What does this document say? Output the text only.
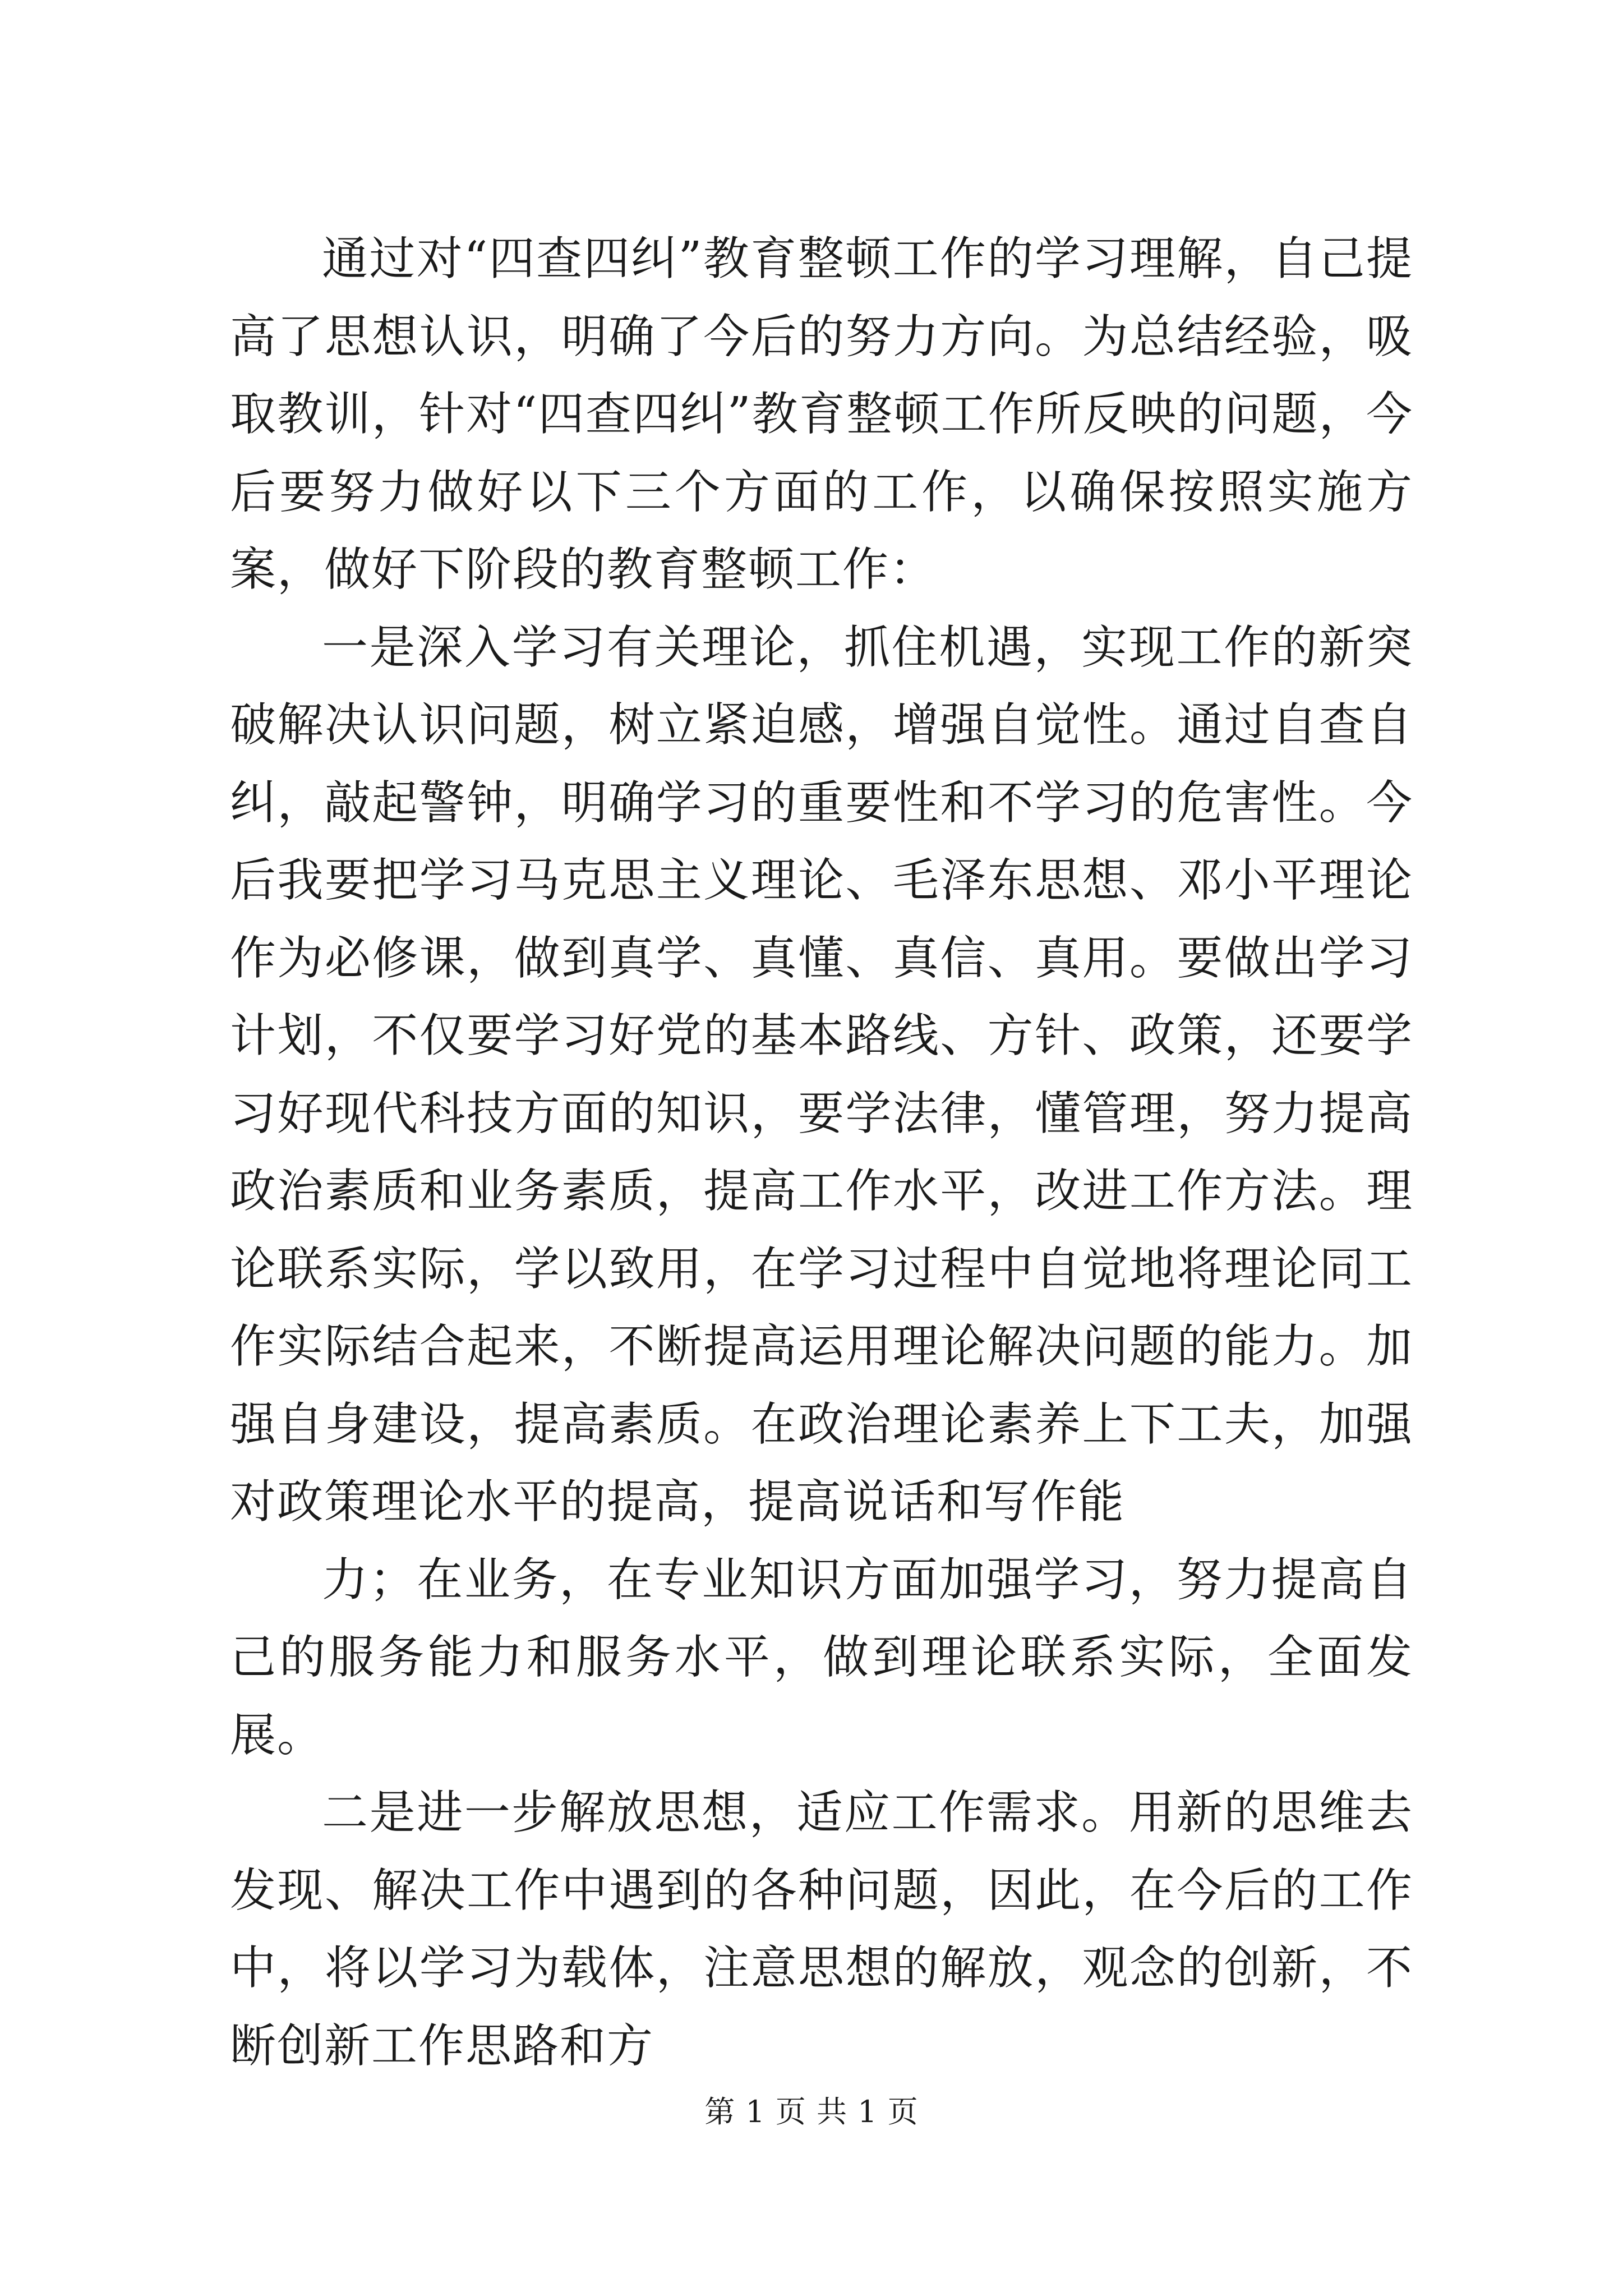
通过对“四查四纠”教育整顿工作的学习理解，自己提高了思想认识，明确了今后的努力方向。为总结经验，吸取教训，针对“四查四纠”教育整顿工作所反映的问题，今后要努力做好以下三个方面的工作，以确保按照实施方案，做好下阶段的教育整顿工作：

一是深入学习有关理论，抓住机遇，实现工作的新突破解决认识问题，树立紧迫感，增强自觉性。通过自查自纠，敲起警钟，明确学习的重要性和不学习的危害性。今后我要把学习马克思主义理论、毛泽东思想、邓小平理论作为必修课，做到真学、真懂、真信、真用。要做出学习计划，不仅要学习好党的基本路线、方针、政策，还要学习好现代科技方面的知识，要学法律，懂管理，努力提高政治素质和业务素质，提高工作水平，改进工作方法。理论联系实际，学以致用，在学习过程中自觉地将理论同工作实际结合起来，不断提高运用理论解决问题的能力。加强自身建设，提高素质。在政治理论素养上下工夫，加强对政策理论水平的提高，提高说话和写作能

力；在业务，在专业知识方面加强学习，努力提高自己的服务能力和服务水平，做到理论联系实际，全面发展。

二是进一步解放思想，适应工作需求。用新的思维去发现、解决工作中遇到的各种问题，因此，在今后的工作中，将以学习为载体，注意思想的解放，观念的创新，不断创新工作思路和方

第 1 页 共 1 页
